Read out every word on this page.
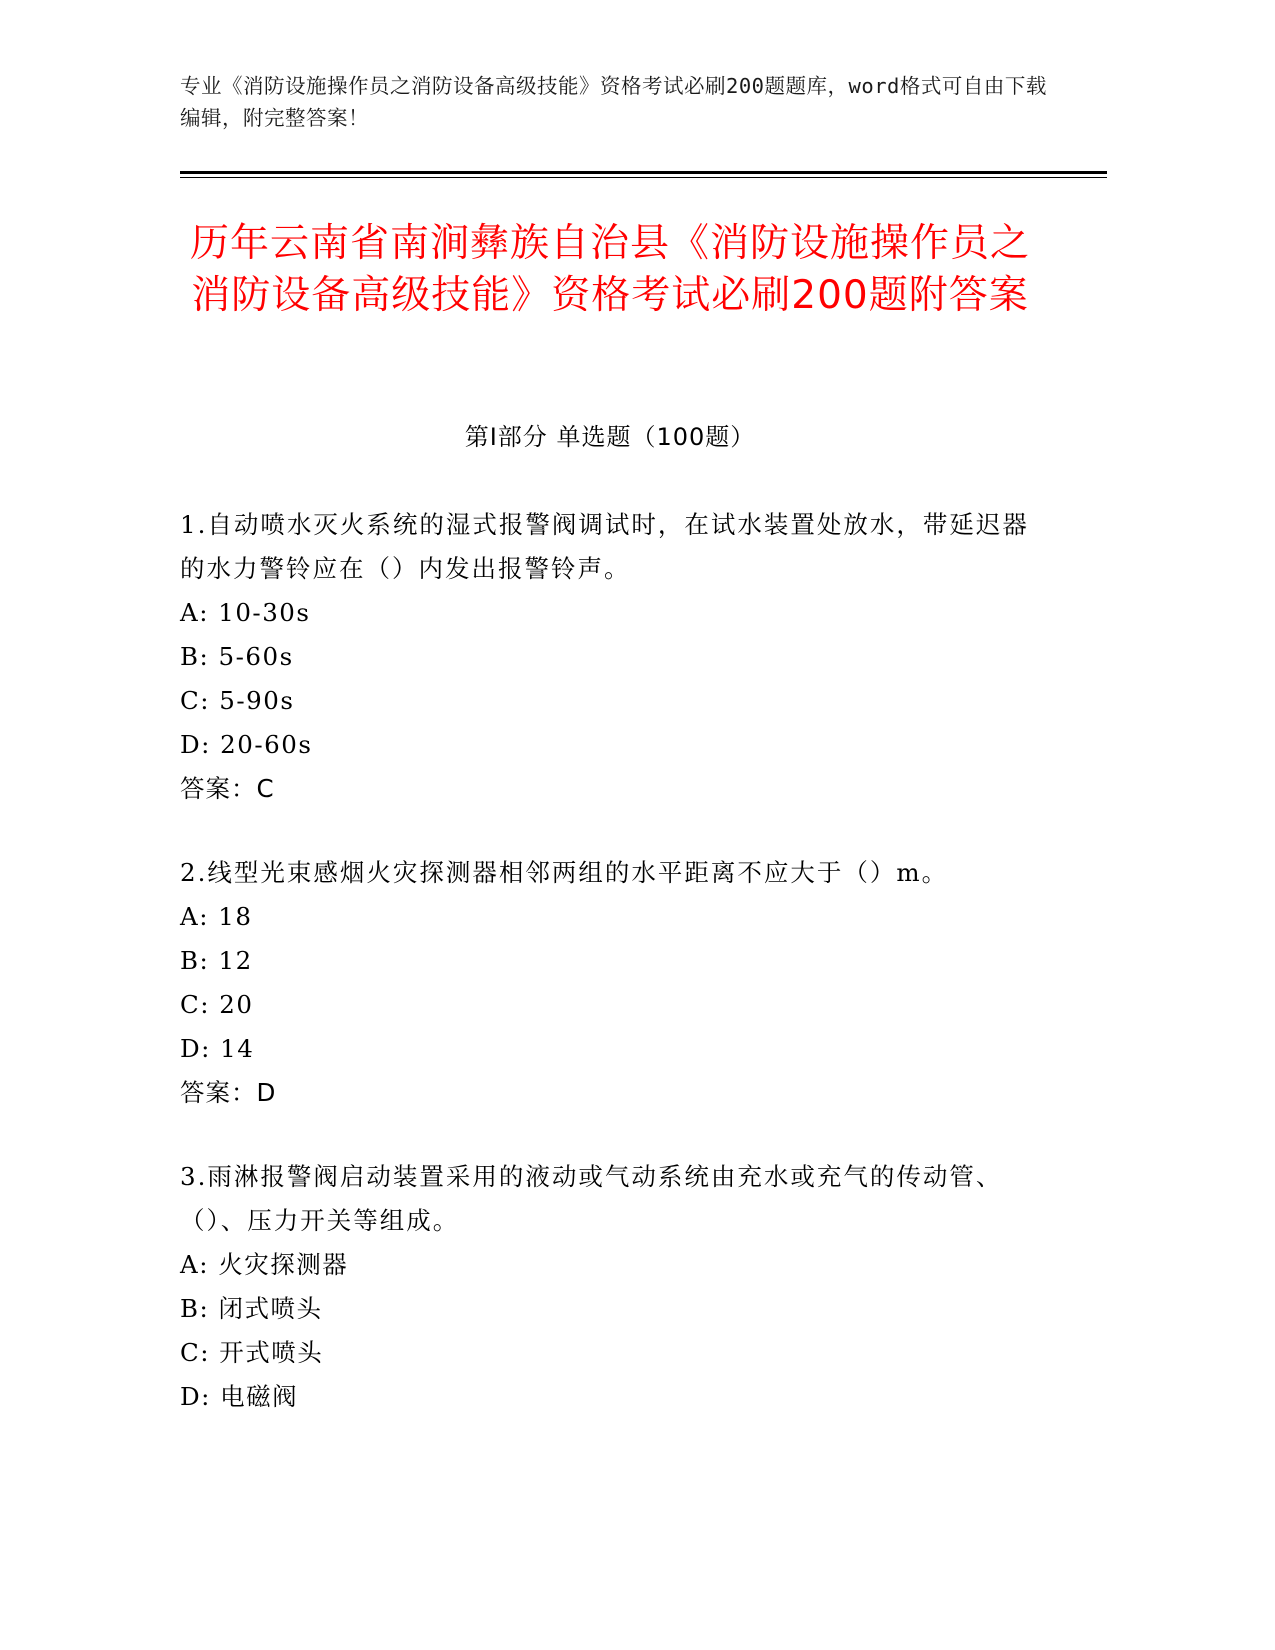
专业《消防设施操作员之消防设备高级技能》资格考试必刷200题题库，word格式可自由下载编辑，附完整答案！
历年云南省南涧彝族自治县《消防设施操作员之消防设备高级技能》资格考试必刷200题附答案
第Ⅰ部分 单选题（100题）
1.自动喷水灭火系统的湿式报警阀调试时，在试水装置处放水，带延迟器的水力警铃应在（）内发出报警铃声。
A: 10-30s
B: 5-60s
C: 5-90s
D: 20-60s
答案：C
2.线型光束感烟火灾探测器相邻两组的水平距离不应大于（）m。
A: 18
B: 12
C: 20
D: 14
答案：D
3.雨淋报警阀启动装置采用的液动或气动系统由充水或充气的传动管、（）、压力开关等组成。
A: 火灾探测器
B: 闭式喷头
C: 开式喷头
D: 电磁阀
